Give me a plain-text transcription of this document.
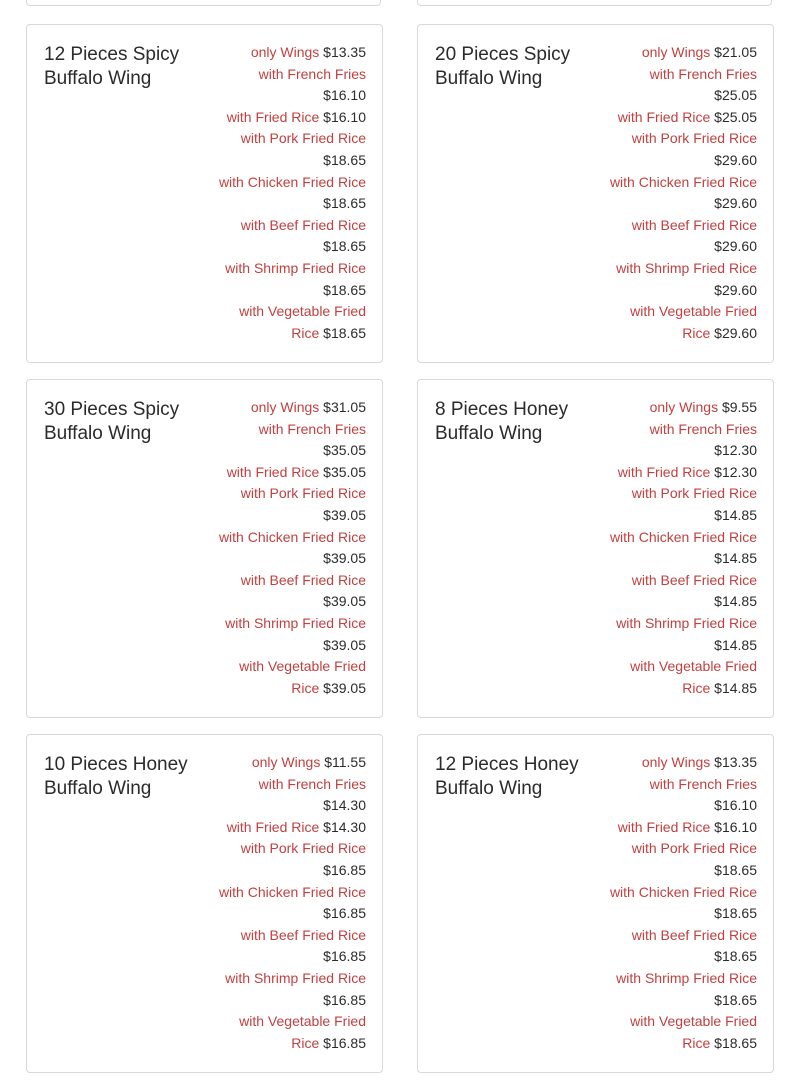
12 Pieces Spicy Buffalo Wing
only Wings $13.35
with French Fries $16.10
with Fried Rice $16.10
with Pork Fried Rice $18.65
with Chicken Fried Rice $18.65
with Beef Fried Rice $18.65
with Shrimp Fried Rice $18.65
with Vegetable Fried Rice $18.65
20 Pieces Spicy Buffalo Wing
only Wings $21.05
with French Fries $25.05
with Fried Rice $25.05
with Pork Fried Rice $29.60
with Chicken Fried Rice $29.60
with Beef Fried Rice $29.60
with Shrimp Fried Rice $29.60
with Vegetable Fried Rice $29.60
30 Pieces Spicy Buffalo Wing
only Wings $31.05
with French Fries $35.05
with Fried Rice $35.05
with Pork Fried Rice $39.05
with Chicken Fried Rice $39.05
with Beef Fried Rice $39.05
with Shrimp Fried Rice $39.05
with Vegetable Fried Rice $39.05
8 Pieces Honey Buffalo Wing
only Wings $9.55
with French Fries $12.30
with Fried Rice $12.30
with Pork Fried Rice $14.85
with Chicken Fried Rice $14.85
with Beef Fried Rice $14.85
with Shrimp Fried Rice $14.85
with Vegetable Fried Rice $14.85
10 Pieces Honey Buffalo Wing
only Wings $11.55
with French Fries $14.30
with Fried Rice $14.30
with Pork Fried Rice $16.85
with Chicken Fried Rice $16.85
with Beef Fried Rice $16.85
with Shrimp Fried Rice $16.85
with Vegetable Fried Rice $16.85
12 Pieces Honey Buffalo Wing
only Wings $13.35
with French Fries $16.10
with Fried Rice $16.10
with Pork Fried Rice $18.65
with Chicken Fried Rice $18.65
with Beef Fried Rice $18.65
with Shrimp Fried Rice $18.65
with Vegetable Fried Rice $18.65
